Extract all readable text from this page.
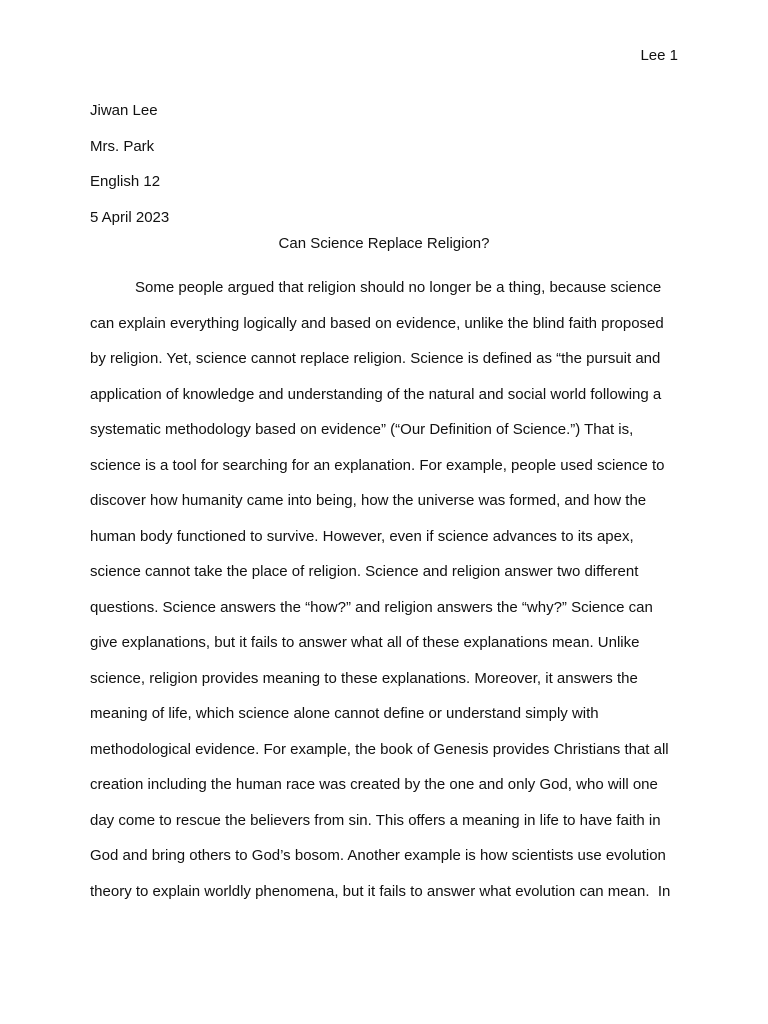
Lee 1
Jiwan Lee
Mrs. Park
English 12
5 April 2023
Can Science Replace Religion?
Some people argued that religion should no longer be a thing, because science
can explain everything logically and based on evidence, unlike the blind faith proposed
by religion. Yet, science cannot replace religion. Science is defined as “the pursuit and
application of knowledge and understanding of the natural and social world following a
systematic methodology based on evidence” (“Our Definition of Science.”) That is,
science is a tool for searching for an explanation. For example, people used science to
discover how humanity came into being, how the universe was formed, and how the
human body functioned to survive. However, even if science advances to its apex,
science cannot take the place of religion. Science and religion answer two different
questions. Science answers the “how?” and religion answers the “why?” Science can
give explanations, but it fails to answer what all of these explanations mean. Unlike
science, religion provides meaning to these explanations. Moreover, it answers the
meaning of life, which science alone cannot define or understand simply with
methodological evidence. For example, the book of Genesis provides Christians that all
creation including the human race was created by the one and only God, who will one
day come to rescue the believers from sin. This offers a meaning in life to have faith in
God and bring others to God’s bosom. Another example is how scientists use evolution
theory to explain worldly phenomena, but it fails to answer what evolution can mean.  In
